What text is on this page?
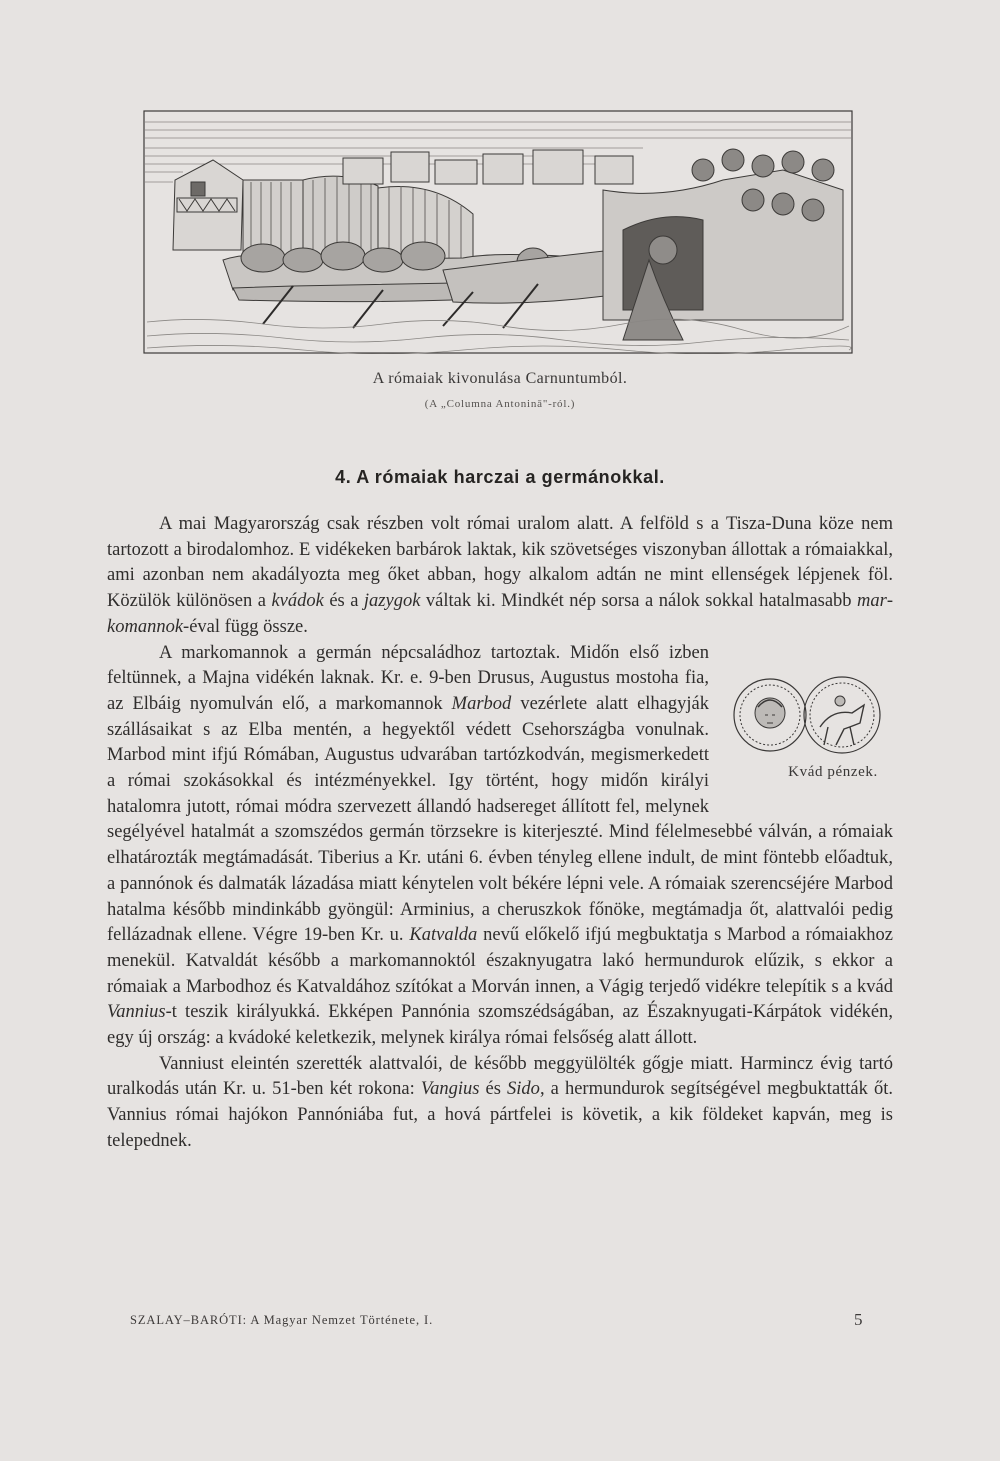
A rómaiak kivonulása Carnuntumból.
(A „Columna Antoninā"-ról.)
4. A rómaiak harczai a germánokkal.

A mai Magyarország csak részben volt római uralom alatt. A felföld s a Tisza-Duna köze nem tartozott a birodalomhoz. E vidékeken barbárok laktak, kik szövetséges viszonyban állottak a rómaiakkal, ami azonban nem akadályozta meg őket abban, hogy alkalom adtán ne mint ellenségek lépjenek föl. Közülök különösen a kvádok és a jazygok váltak ki. Mindkét nép sorsa a nálok sokkal hatalmasabb markomannok-éval függ össze.

Kvád pénzek.
A markomannok a germán népcsaládhoz tartoztak. Midőn első izben feltünnek, a Majna vidékén laknak. Kr. e. 9-ben Drusus, Augustus mostoha fia, az Elbáig nyomulván elő, a markomannok Marbod vezérlete alatt elhagyják szállásaikat s az Elba mentén, a hegyektől védett Csehországba vonulnak. Marbod mint ifjú Rómában, Augustus udvarában tartózkodván, megismerkedett a római szokásokkal és intézményekkel. Igy történt, hogy midőn királyi hatalomra jutott, római módra szervezett állandó hadsereget állított fel, melynek segélyével hatalmát a szomszédos germán törzsekre is kiterjeszté. Mind félelmesebbé válván, a rómaiak elhatározták megtámadását. Tiberius a Kr. utáni 6. évben tényleg ellene indult, de mint föntebb előadtuk, a pannónok és dalmaták lázadása miatt kénytelen volt békére lépni vele. A rómaiak szerencséjére Marbod hatalma később mindinkább gyöngül: Arminius, a cheruszkok főnöke, megtámadja őt, alattvalói pedig fellázadnak ellene. Végre 19-ben Kr. u. Katvalda nevű előkelő ifjú megbuktatja s Marbod a rómaiakhoz menekül. Katvaldát később a markomannoktól északnyugatra lakó hermundurok elűzik, s ekkor a rómaiak a Marbodhoz és Katvaldához szítókat a Morván innen, a Vágig terjedő vidékre telepítik s a kvád Vannius-t teszik királyukká. Ekképen Pannónia szomszédságában, az Északnyugati-Kárpátok vidékén, egy új ország: a kvádoké keletkezik, melynek királya római felsőség alatt állott.

Vanniust eleintén szerették alattvalói, de később meggyülölték gőgje miatt. Harmincz évig tartó uralkodás után Kr. u. 51-ben két rokona: Vangius és Sido, a hermundurok segítségével megbuktatták őt. Vannius római hajókon Pannóniába fut, a hová pártfelei is követik, a kik földeket kapván, meg is telepednek.

SZALAY–BARÓTI: A Magyar Nemzet Története, I.	5
